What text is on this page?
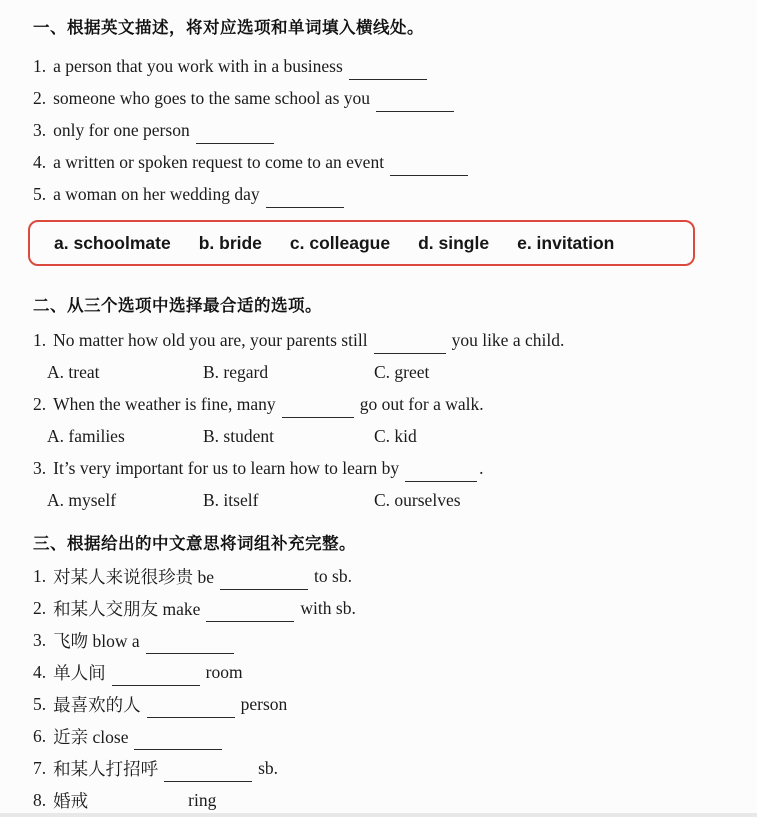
一、根据英文描述，将对应选项和单词填入横线处。
1. a person that you work with in a business
2. someone who goes to the same school as you
3. only for one person
4. a written or spoken request to come to an event
5. a woman on her wedding day
a. schoolmate b. bride c. colleague d. single e. invitation
二、从三个选项中选择最合适的选项。
1. No matter how old you are, your parents still	you like a child.
A. treat	B. regard	C. greet
2. When the weather is fine, many	go out for a walk.
A. families	B. student	C. kid
3. It’s very important for us to learn how to learn by	.
A. myself	B. itself	C. ourselves
三、根据给出的中文意思将词组补充完整。
1. 对某人来说很珍贵 be	to sb.
2. 和某人交朋友 make	with sb.
3. 飞吻 blow a
4. 单人间	room
5. 最喜欢的人	person
6. 近亲 close
7. 和某人打招呼	sb.
8. 婚戒	ring
